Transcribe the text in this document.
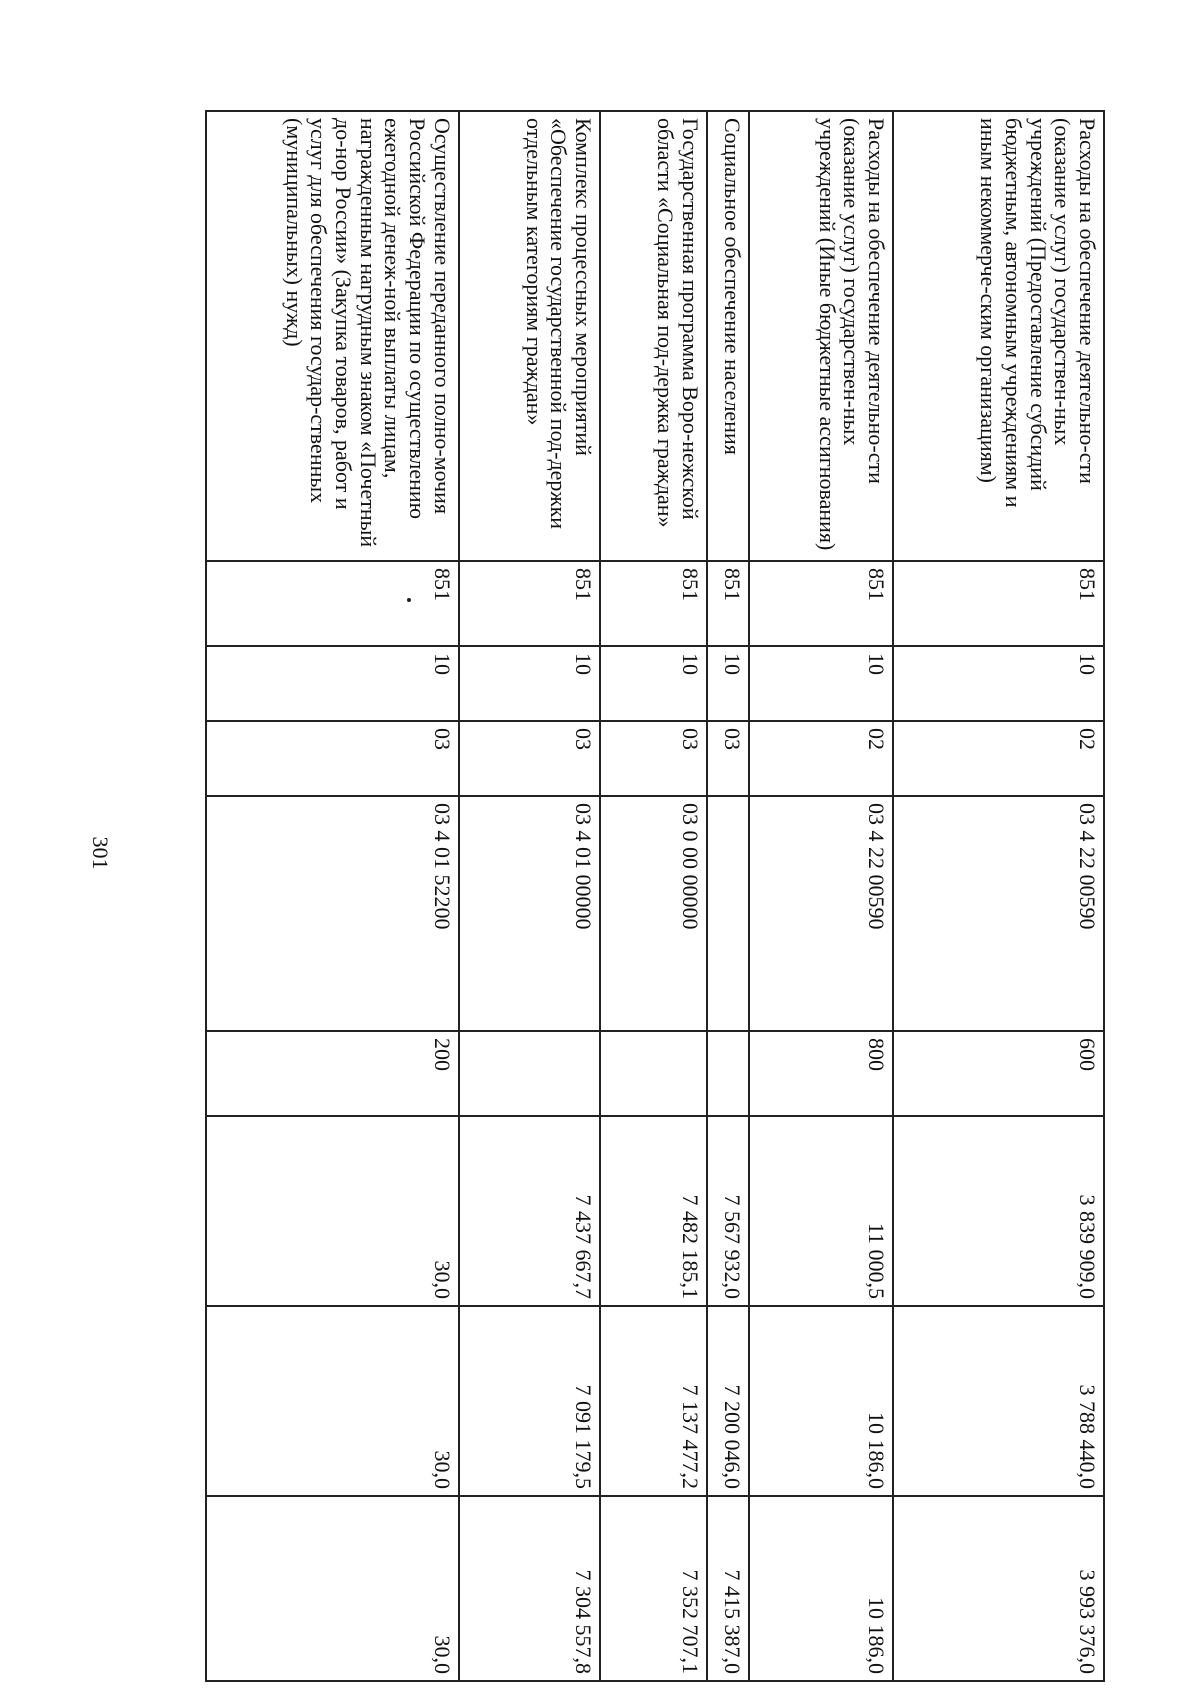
301
Расходы на обеспечение деятельно-сти (оказание услуг) государствен-ных учреждений (Предоставление субсидий бюджетным, автономным учреждениям и иным некоммерче-ским организациям)	851	10	02	03 4 22 00590	600	3 839 909,0	3 788 440,0	3 993 376,0
Расходы на обеспечение деятельно-сти (оказание услуг) государствен-ных учреждений (Иные бюджетные ассигнования)	851	10	02	03 4 22 00590	800	11 000,5	10 186,0	10 186,0
Социальное обеспечение населения	851	10	03			7 567 932,0	7 200 046,0	7 415 387,0
Государственная программа Воро-нежской области «Социальная под-держка граждан»	851	10	03	03 0 00 00000		7 482 185,1	7 137 477,2	7 352 707,1
Комплекс процессных мероприятий «Обеспечение государственной под-держки отдельным категориям граждан»	851	10	03	03 4 01 00000		7 437 667,7	7 091 179,5	7 304 557,8
Осуществление переданного полно-мочия Российской Федерации по осуществлению ежегодной денеж-ной выплаты лицам, награжденным нагрудным знаком «Почетный до-нор России» (Закупка товаров, работ и услуг для обеспечения государ-ственных (муниципальных) нужд)	851	10	03	03 4 01 52200	200	30,0	30,0	30,0
